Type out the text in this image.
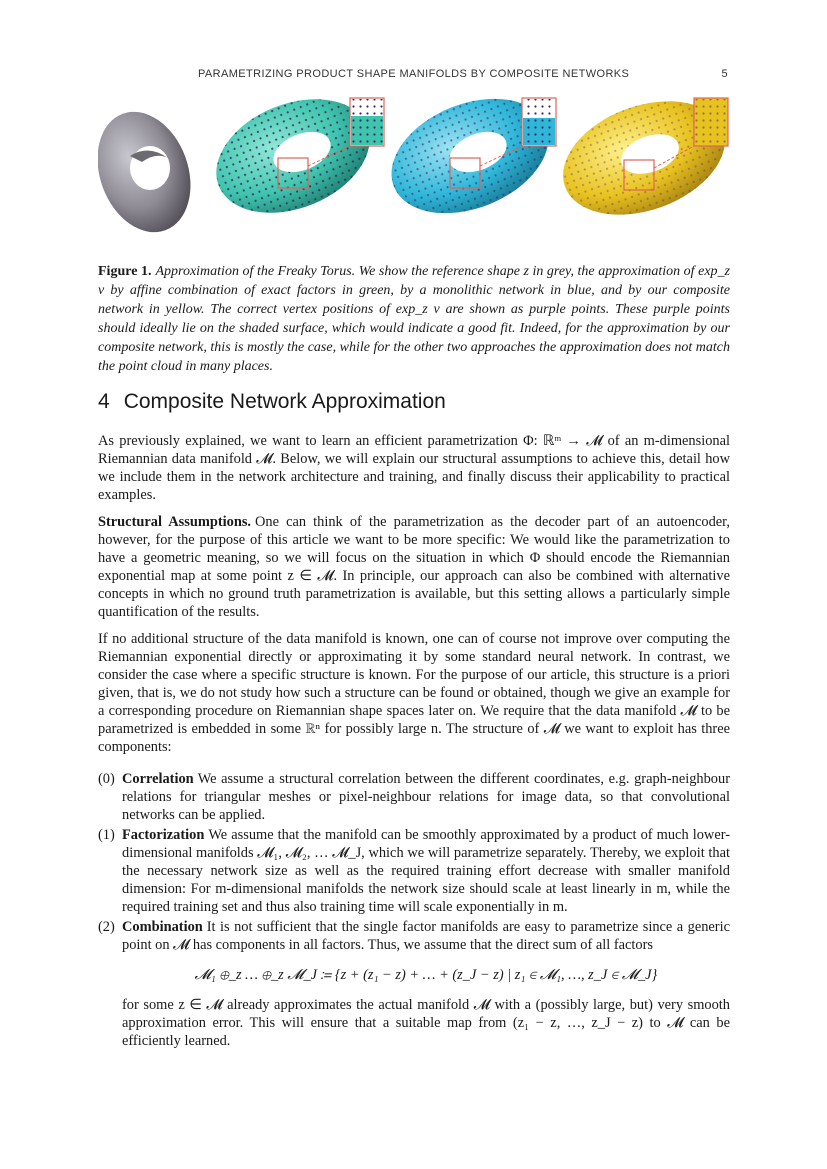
PARAMETRIZING PRODUCT SHAPE MANIFOLDS BY COMPOSITE NETWORKS	5

Figure 1. Approximation of the Freaky Torus. We show the reference shape z in grey, the approximation of exp_z v by affine combination of exact factors in green, by a monolithic network in blue, and by our composite network in yellow. The correct vertex positions of exp_z v are shown as purple points. These purple points should ideally lie on the shaded surface, which would indicate a good fit. Indeed, for the approximation by our composite network, this is mostly the case, while for the other two approaches the approximation does not match the point cloud in many places.

4 Composite Network Approximation

As previously explained, we want to learn an efficient parametrization Φ: ℝᵐ → 𝓜 of an m-dimensional Riemannian data manifold 𝓜. Below, we will explain our structural assumptions to achieve this, detail how we include them in the network architecture and training, and finally discuss their applicability to practical examples.

Structural Assumptions. One can think of the parametrization as the decoder part of an autoencoder, however, for the purpose of this article we want to be more specific: We would like the parametrization to have a geometric meaning, so we will focus on the situation in which Φ should encode the Riemannian exponential map at some point z ∈ 𝓜. In principle, our approach can also be combined with alternative concepts in which no ground truth parametrization is available, but this setting allows a particularly simple quantification of the results.

If no additional structure of the data manifold is known, one can of course not improve over computing the Riemannian exponential directly or approximating it by some standard neural network. In contrast, we consider the case where a specific structure is known. For the purpose of our article, this structure is a priori given, that is, we do not study how such a structure can be found or obtained, though we give an example for a corresponding procedure on Riemannian shape spaces later on. We require that the data manifold 𝓜 to be parametrized is embedded in some ℝⁿ for possibly large n. The structure of 𝓜 we want to exploit has three components:

(0) Correlation We assume a structural correlation between the different coordinates, e.g. graph-neighbour relations for triangular meshes or pixel-neighbour relations for image data, so that convolutional networks can be applied.
(1) Factorization We assume that the manifold can be smoothly approximated by a product of much lower-dimensional manifolds 𝓜₁, 𝓜₂, … 𝓜_J, which we will parametrize separately. Thereby, we exploit that the necessary network size as well as the required training effort decrease with smaller manifold dimension: For m-dimensional manifolds the network size should scale at least linearly in m, while the required training set and thus also training time will scale exponentially in m.
(2) Combination It is not sufficient that the single factor manifolds are easy to parametrize since a generic point on 𝓜 has components in all factors. Thus, we assume that the direct sum of all factors
𝓜₁ ⊕_z … ⊕_z 𝓜_J ≔ {z + (z₁ − z) + … + (z_J − z) | z₁ ∈ 𝓜₁, …, z_J ∈ 𝓜_J}
for some z ∈ 𝓜 already approximates the actual manifold 𝓜 with a (possibly large, but) very smooth approximation error. This will ensure that a suitable map from (z₁ − z, …, z_J − z) to 𝓜 can be efficiently learned.
